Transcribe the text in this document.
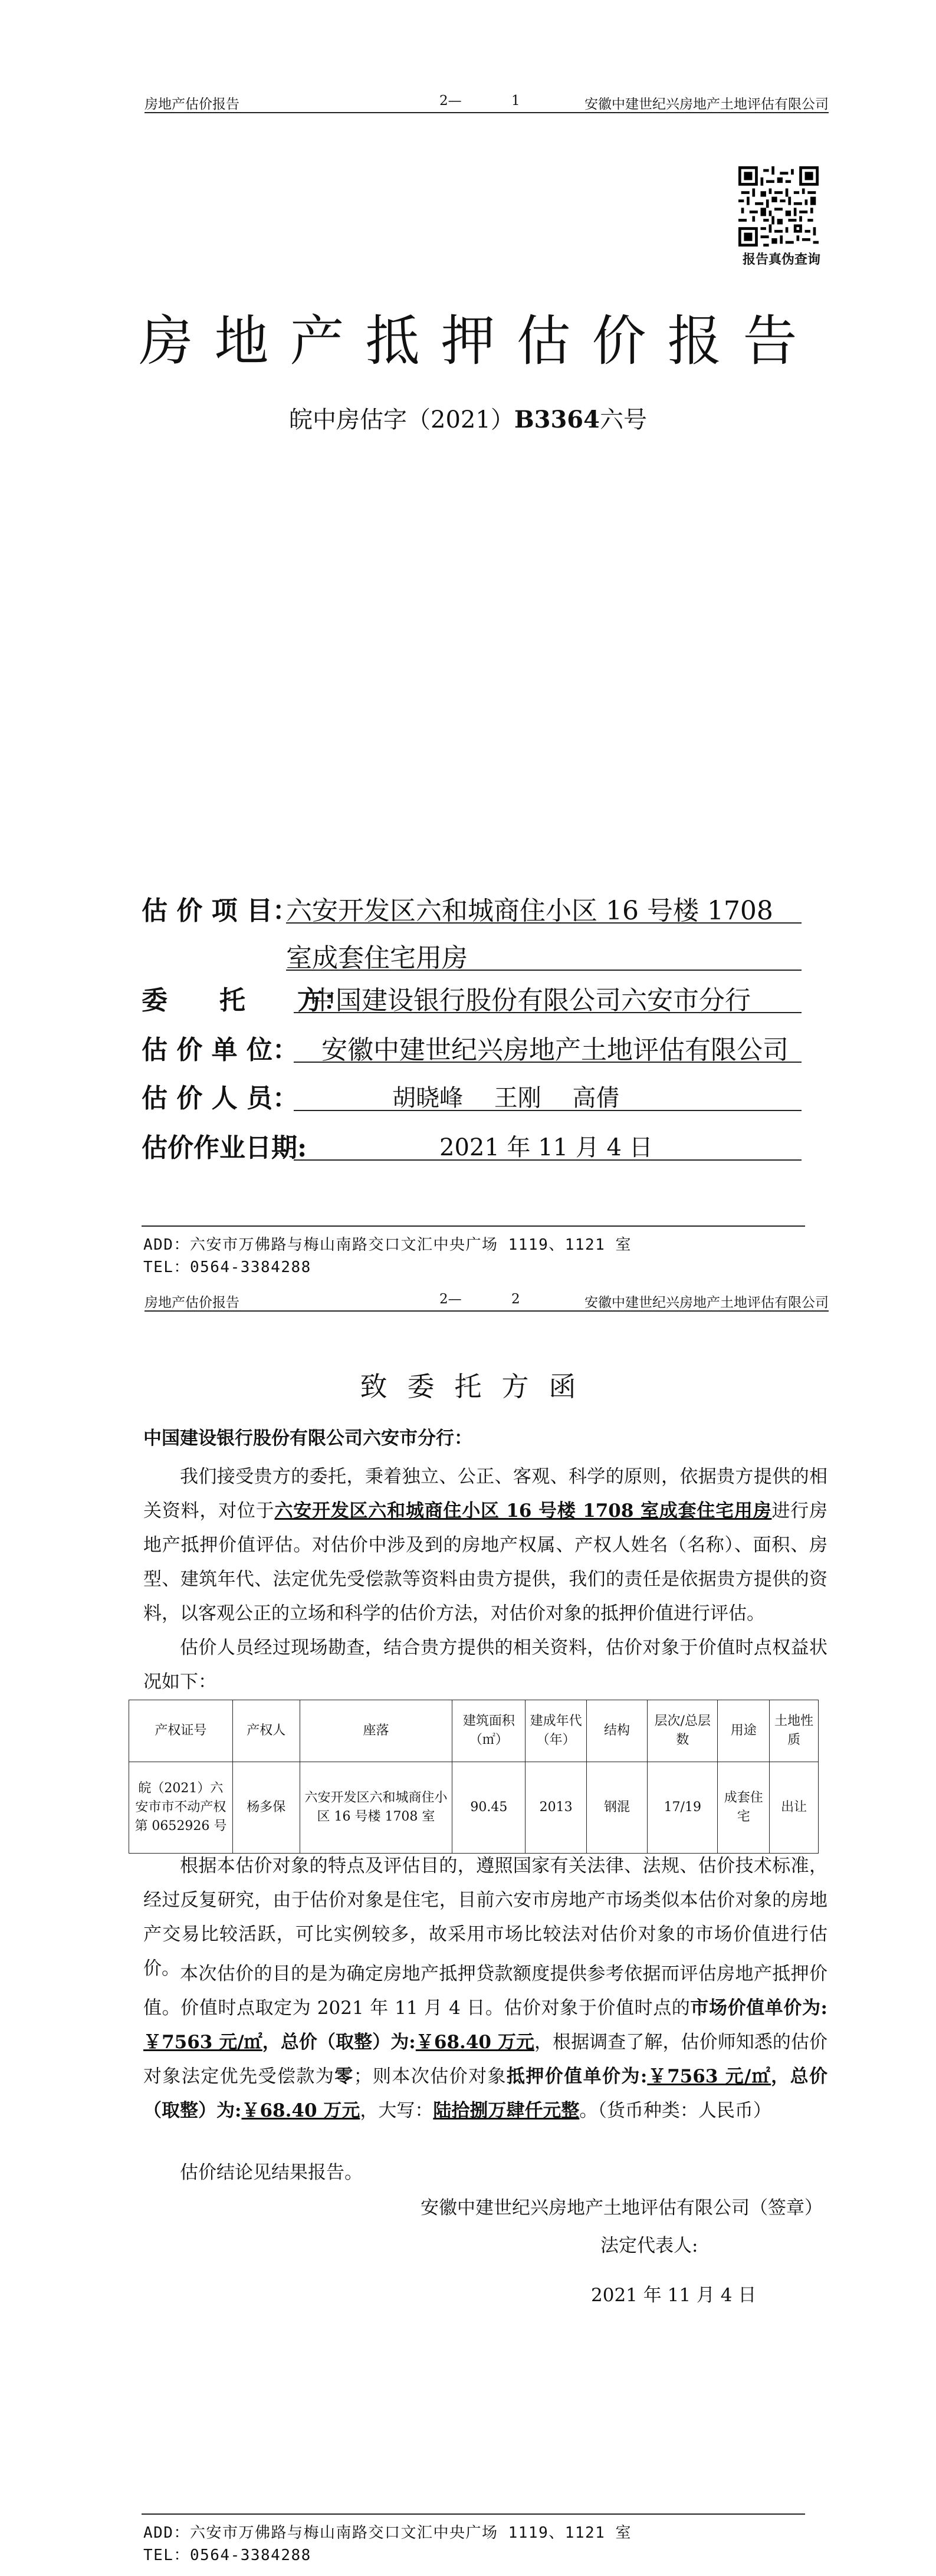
房地产估价报告	2—	1	安徽中建世纪兴房地产土地评估有限公司
报告真伪查询
房地产抵押估价报告
皖中房估字（2021）B3364六号
估 价 项 目：
六安开发区六和城商住小区 16 号楼 1708
室成套住宅用房
委　　托　　方：
中国建设银行股份有限公司六安市分行
估 价 单 位： 安徽中建世纪兴房地产土地评估有限公司
估 价 人 员：	胡晓峰　 王刚　 高倩
估价作业日期:	2021 年 11 月 4 日
ADD：六安市万佛路与梅山南路交口文汇中央广场 1119、1121 室
TEL：0564-3384288
房地产估价报告	2—	2	安徽中建世纪兴房地产土地评估有限公司
致委托方函
中国建设银行股份有限公司六安市分行：
我们接受贵方的委托，秉着独立、公正、客观、科学的原则，依据贵方提供的相关资料，对位于六安开发区六和城商住小区 16 号楼 1708 室成套住宅用房进行房地产抵押价值评估。对估价中涉及到的房地产权属、产权人姓名（名称）、面积、房型、建筑年代、法定优先受偿款等资料由贵方提供，我们的责任是依据贵方提供的资料，以客观公正的立场和科学的估价方法，对估价对象的抵押价值进行评估。
估价人员经过现场勘查，结合贵方提供的相关资料，估价对象于价值时点权益状况如下：
产权证号	产权人	座落	建筑面积（㎡）	建成年代（年）	结构	层次/总层数	用途	土地性质
皖（2021）六安市市不动产权第 0652926 号	杨多保	六安开发区六和城商住小区 16 号楼 1708 室	90.45	2013	钢混	17/19	成套住宅	出让
根据本估价对象的特点及评估目的，遵照国家有关法律、法规、估价技术标准，经过反复研究，由于估价对象是住宅，目前六安市房地产市场类似本估价对象的房地产交易比较活跃，可比实例较多，故采用市场比较法对估价对象的市场价值进行估价。 本次估价的目的是为确定房地产抵押贷款额度提供参考依据而评估房地产抵押价值。价值时点取定为 2021 年 11 月 4 日。估价对象于价值时点的市场价值单价为:￥7563 元/㎡，总价（取整）为:￥68.40 万元，根据调查了解，估价师知悉的估价对象法定优先受偿款为零；则本次估价对象抵押价值单价为:￥7563 元/㎡，总价（取整）为:￥68.40 万元，大写：陆拾捌万肆仟元整。（货币种类：人民币）
估价结论见结果报告。
安徽中建世纪兴房地产土地评估有限公司（签章）
法定代表人:
2021 年 11 月 4 日
ADD：六安市万佛路与梅山南路交口文汇中央广场 1119、1121 室
TEL：0564-3384288
